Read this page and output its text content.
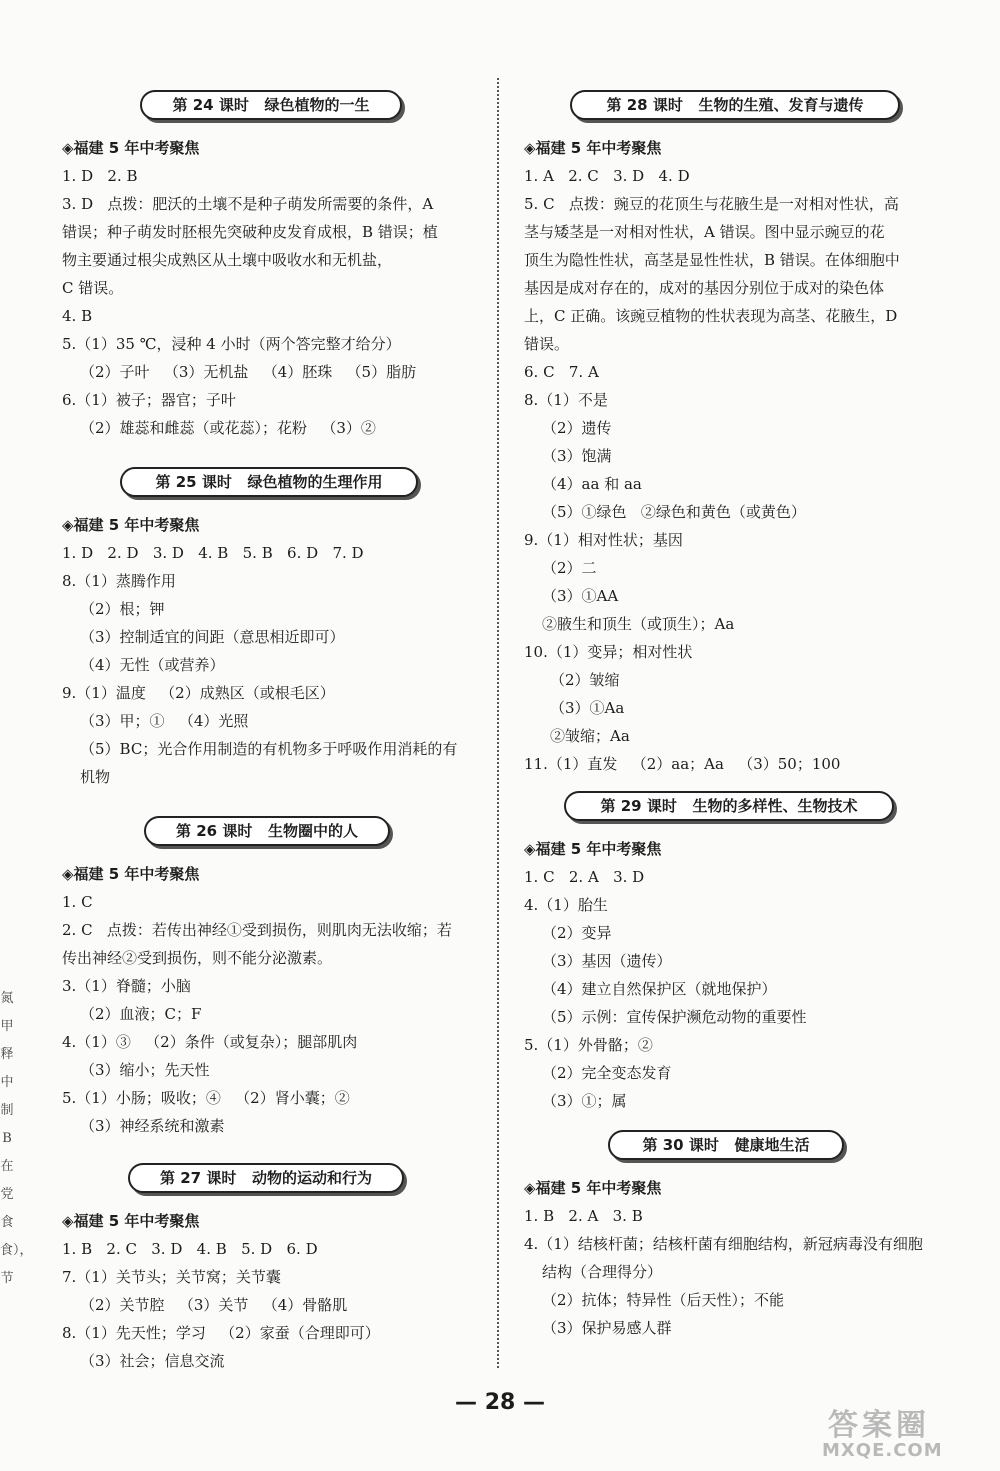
氮甲释中制B在党食食），节
第 24 课时   绿色植物的一生
◈福建 5 年中考聚焦
1. D   2. B
3. D   点拨：肥沃的土壤不是种子萌发所需要的条件，A
错误；种子萌发时胚根先突破种皮发育成根，B 错误；植
物主要通过根尖成熟区从土壤中吸收水和无机盐，
C 错误。
4. B
5.（1）35 ℃，浸种 4 小时（两个答完整才给分）
（2）子叶   （3）无机盐   （4）胚珠   （5）脂肪
6.（1）被子；器官；子叶
（2）雄蕊和雌蕊（或花蕊）；花粉   （3）②
第 25 课时   绿色植物的生理作用
◈福建 5 年中考聚焦
1. D   2. D   3. D   4. B   5. B   6. D   7. D
8.（1）蒸腾作用
（2）根；钾
（3）控制适宜的间距（意思相近即可）
（4）无性（或营养）
9.（1）温度   （2）成熟区（或根毛区）
（3）甲；①   （4）光照
（5）BC；光合作用制造的有机物多于呼吸作用消耗的有
机物
第 26 课时   生物圈中的人
◈福建 5 年中考聚焦
1. C
2. C   点拨：若传出神经①受到损伤，则肌肉无法收缩；若
传出神经②受到损伤，则不能分泌激素。
3.（1）脊髓；小脑
（2）血液；C；F
4.（1）③   （2）条件（或复杂）；腿部肌肉
（3）缩小；先天性
5.（1）小肠；吸收；④   （2）肾小囊；②
（3）神经系统和激素
第 27 课时   动物的运动和行为
◈福建 5 年中考聚焦
1. B   2. C   3. D   4. B   5. D   6. D
7.（1）关节头；关节窝；关节囊
（2）关节腔   （3）关节   （4）骨骼肌
8.（1）先天性；学习   （2）家蚕（合理即可）
（3）社会；信息交流
第 28 课时   生物的生殖、发育与遗传
◈福建 5 年中考聚焦
1. A   2. C   3. D   4. D
5. C   点拨：豌豆的花顶生与花腋生是一对相对性状，高
茎与矮茎是一对相对性状，A 错误。图中显示豌豆的花
顶生为隐性性状，高茎是显性性状，B 错误。在体细胞中
基因是成对存在的，成对的基因分别位于成对的染色体
上，C 正确。该豌豆植物的性状表现为高茎、花腋生，D
错误。
6. C   7. A
8.（1）不是
（2）遗传
（3）饱满
（4）aa 和 aa
（5）①绿色   ②绿色和黄色（或黄色）
9.（1）相对性状；基因
（2）二
（3）①AA
②腋生和顶生（或顶生）；Aa
10.（1）变异；相对性状
（2）皱缩
（3）①Aa
②皱缩；Aa
11.（1）直发   （2）aa；Aa   （3）50；100
第 29 课时   生物的多样性、生物技术
◈福建 5 年中考聚焦
1. C   2. A   3. D
4.（1）胎生
（2）变异
（3）基因（遗传）
（4）建立自然保护区（就地保护）
（5）示例：宣传保护濒危动物的重要性
5.（1）外骨骼；②
（2）完全变态发育
（3）①；属
第 30 课时   健康地生活
◈福建 5 年中考聚焦
1. B   2. A   3. B
4.（1）结核杆菌；结核杆菌有细胞结构，新冠病毒没有细胞
结构（合理得分）
（2）抗体；特异性（后天性）；不能
（3）保护易感人群
— 28 —
答案圈
MXQE.COM
